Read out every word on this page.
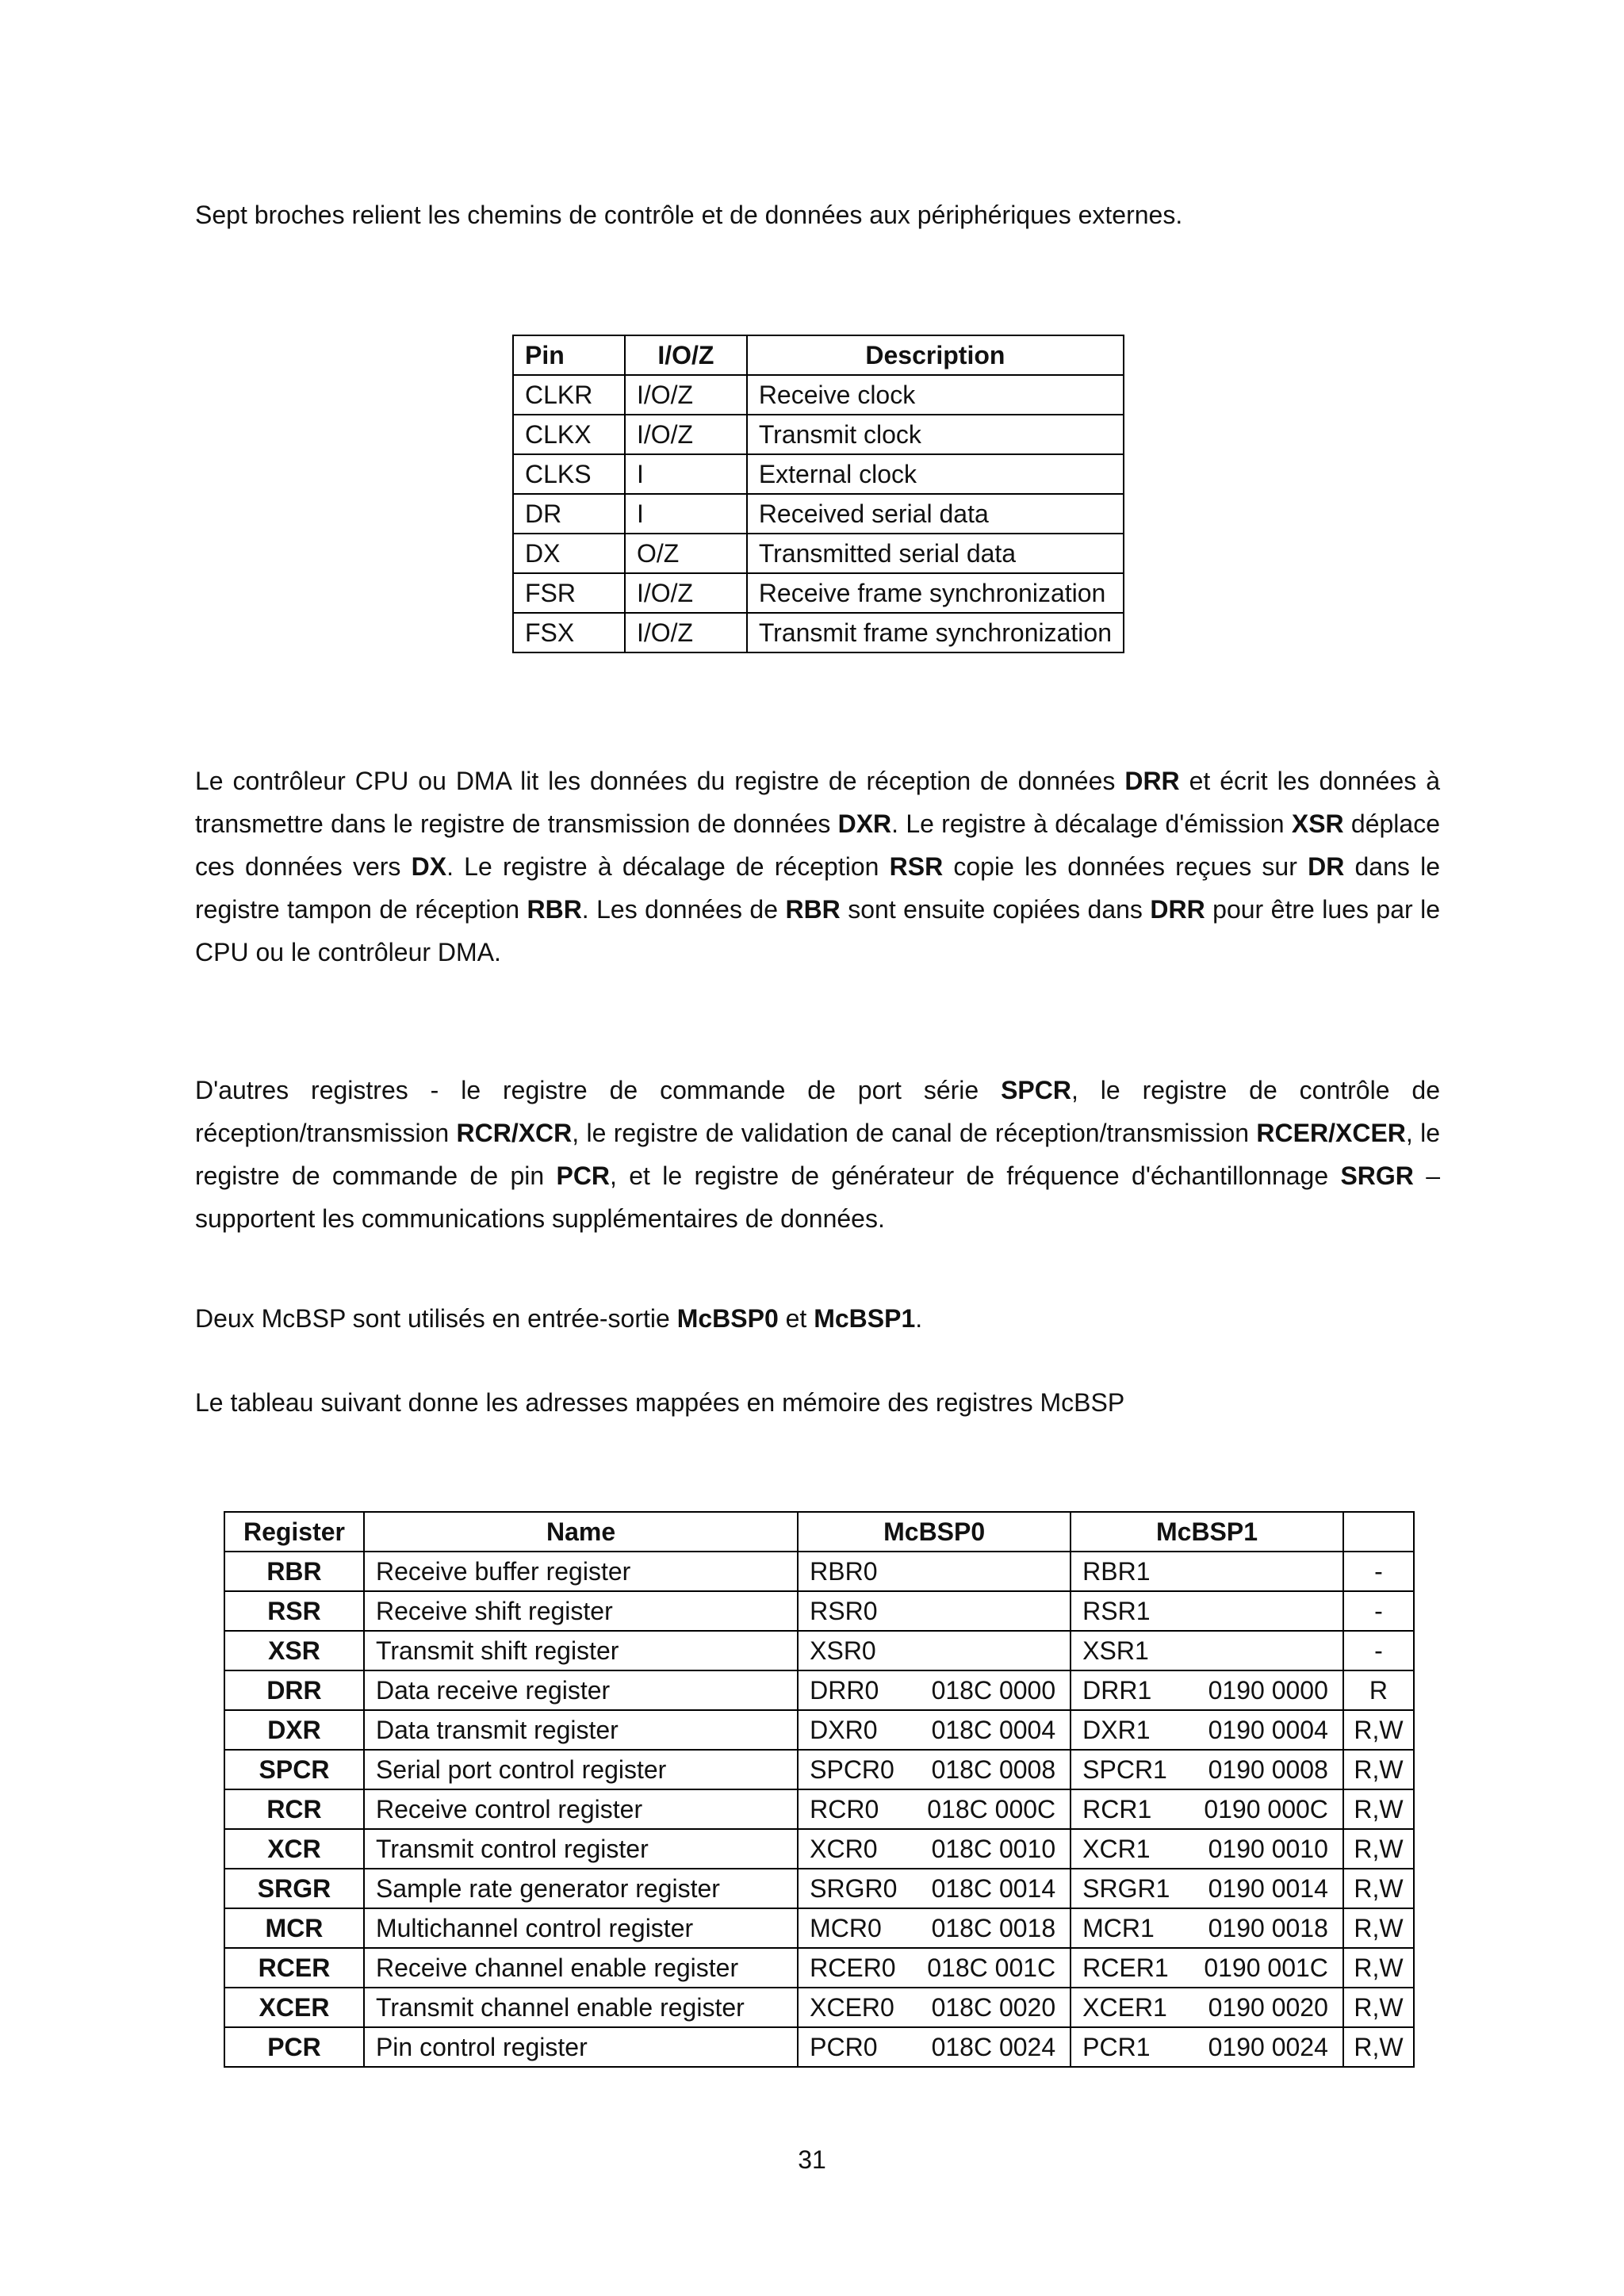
Sept broches relient les chemins de contrôle et de données aux périphériques externes.

Pin	I/O/Z	Description
CLKR	I/O/Z	Receive clock
CLKX	I/O/Z	Transmit clock
CLKS	I	External clock
DR	I	Received serial data
DX	O/Z	Transmitted serial data
FSR	I/O/Z	Receive frame synchronization
FSX	I/O/Z	Transmit frame synchronization

Le contrôleur CPU ou DMA lit les données du registre de réception de données DRR et écrit les données à transmettre dans le registre de transmission de données DXR. Le registre à décalage d'émission XSR déplace ces données vers DX. Le registre à décalage de réception RSR copie les données reçues sur DR dans le registre tampon de réception RBR. Les données de RBR sont ensuite copiées dans DRR pour être lues par le CPU ou le contrôleur DMA.

D'autres registres - le registre de commande de port série SPCR, le registre de contrôle de réception/transmission RCR/XCR, le registre de validation de canal de réception/transmission RCER/XCER, le registre de commande de pin PCR, et le registre de générateur de fréquence d'échantillonnage SRGR – supportent les communications supplémentaires de données.

Deux McBSP sont utilisés en entrée-sortie McBSP0 et McBSP1.

Le tableau suivant donne les adresses mappées en mémoire des registres McBSP

Register	Name	McBSP0	McBSP1	
RBR	Receive buffer register	RBR0	RBR1	-
RSR	Receive shift register	RSR0	RSR1	-
XSR	Transmit shift register	XSR0	XSR1	-
DRR	Data receive register	DRR0 018C 0000	DRR1 0190 0000	R
DXR	Data transmit register	DXR0 018C 0004	DXR1 0190 0004	R,W
SPCR	Serial port control register	SPCR0 018C 0008	SPCR1 0190 0008	R,W
RCR	Receive control register	RCR0 018C 000C	RCR1 0190 000C	R,W
XCR	Transmit control register	XCR0 018C 0010	XCR1 0190 0010	R,W
SRGR	Sample rate generator register	SRGR0 018C 0014	SRGR1 0190 0014	R,W
MCR	Multichannel control register	MCR0 018C 0018	MCR1 0190 0018	R,W
RCER	Receive channel enable register	RCER0 018C 001C	RCER1 0190 001C	R,W
XCER	Transmit channel enable register	XCER0 018C 0020	XCER1 0190 0020	R,W
PCR	Pin control register	PCR0 018C 0024	PCR1 0190 0024	R,W
31
